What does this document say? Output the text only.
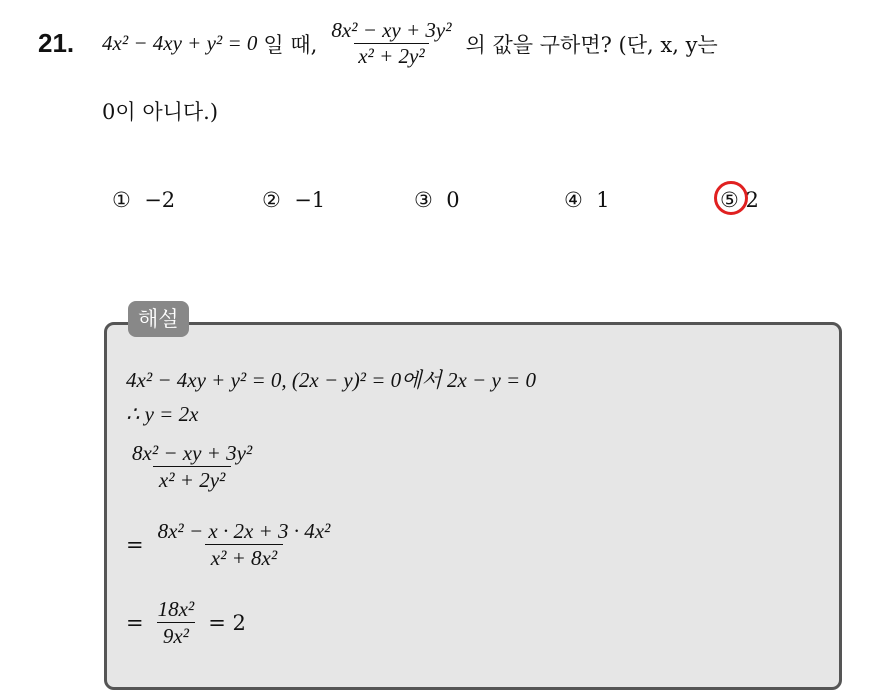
21. 4x² − 4xy + y² = 0 일 때, $\frac{\text{8x² − xy + 3y²}}{\text{x² + 2y²}}$ 의 값을 구하면? (단, x, y는
0이 아니다.)
① −2	② −1	③ 0	④ 1	⑤ 2
해설
4x² − 4xy + y² = 0, (2x − y)² = 0에서 2x − y = 0
∴ y = 2x
$\frac{\text{8x² − xy + 3y²}}{\text{x² + 2y²}}$
= $\frac{\text{8x² − x · 2x + 3 · 4x²}}{\text{x² + 8x²}}$
= $\frac{\text{18x²}}{\text{9x²}} = 2$
